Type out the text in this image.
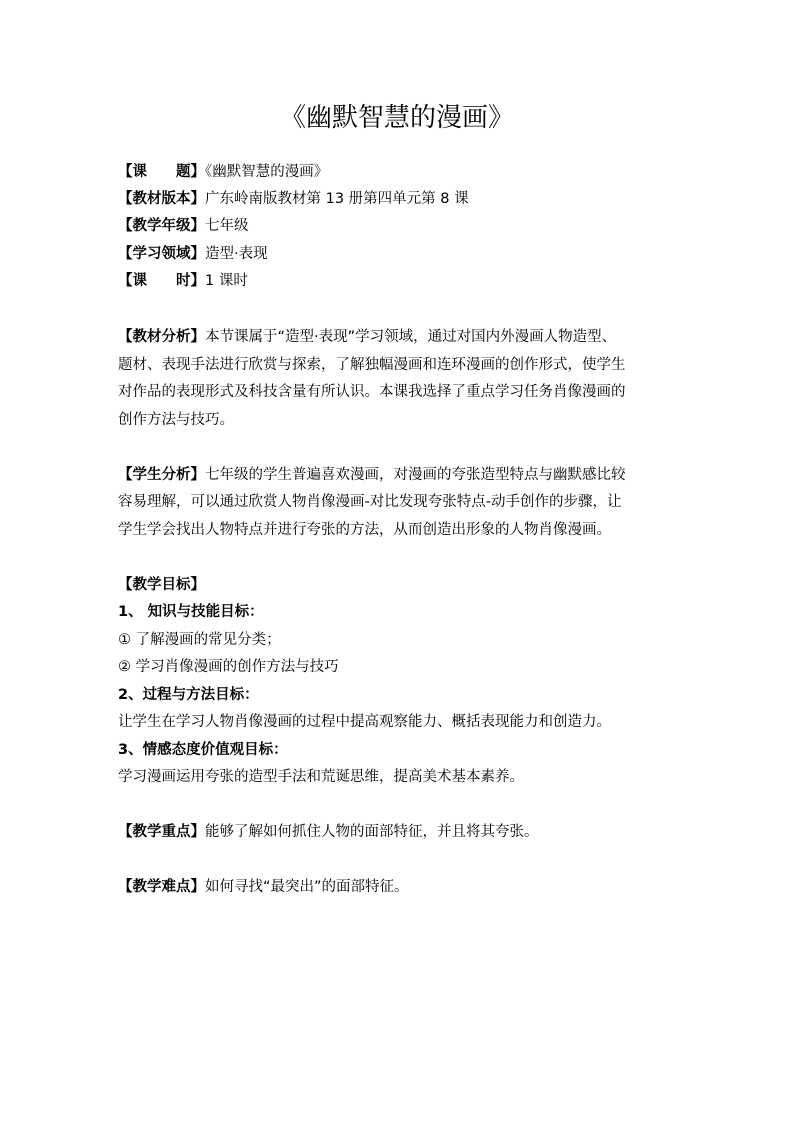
《幽默智慧的漫画》
【课　　题】《幽默智慧的漫画》
【教材版本】广东岭南版教材第 13 册第四单元第 8 课
【教学年级】七年级
【学习领域】造型·表现
【课　　时】1 课时
【教材分析】本节课属于“造型·表现”学习领域，通过对国内外漫画人物造型、
题材、表现手法进行欣赏与探索，了解独幅漫画和连环漫画的创作形式，使学生
对作品的表现形式及科技含量有所认识。本课我选择了重点学习任务肖像漫画的
创作方法与技巧。
【学生分析】七年级的学生普遍喜欢漫画，对漫画的夸张造型特点与幽默感比较
容易理解，可以通过欣赏人物肖像漫画-对比发现夸张特点-动手创作的步骤，让
学生学会找出人物特点并进行夸张的方法，从而创造出形象的人物肖像漫画。
【教学目标】
1、 知识与技能目标：
① 了解漫画的常见分类；
② 学习肖像漫画的创作方法与技巧
2、过程与方法目标：
让学生在学习人物肖像漫画的过程中提高观察能力、概括表现能力和创造力。
3、情感态度价值观目标：
学习漫画运用夸张的造型手法和荒诞思维，提高美术基本素养。
【教学重点】能够了解如何抓住人物的面部特征，并且将其夸张。
【教学难点】如何寻找“最突出”的面部特征。
